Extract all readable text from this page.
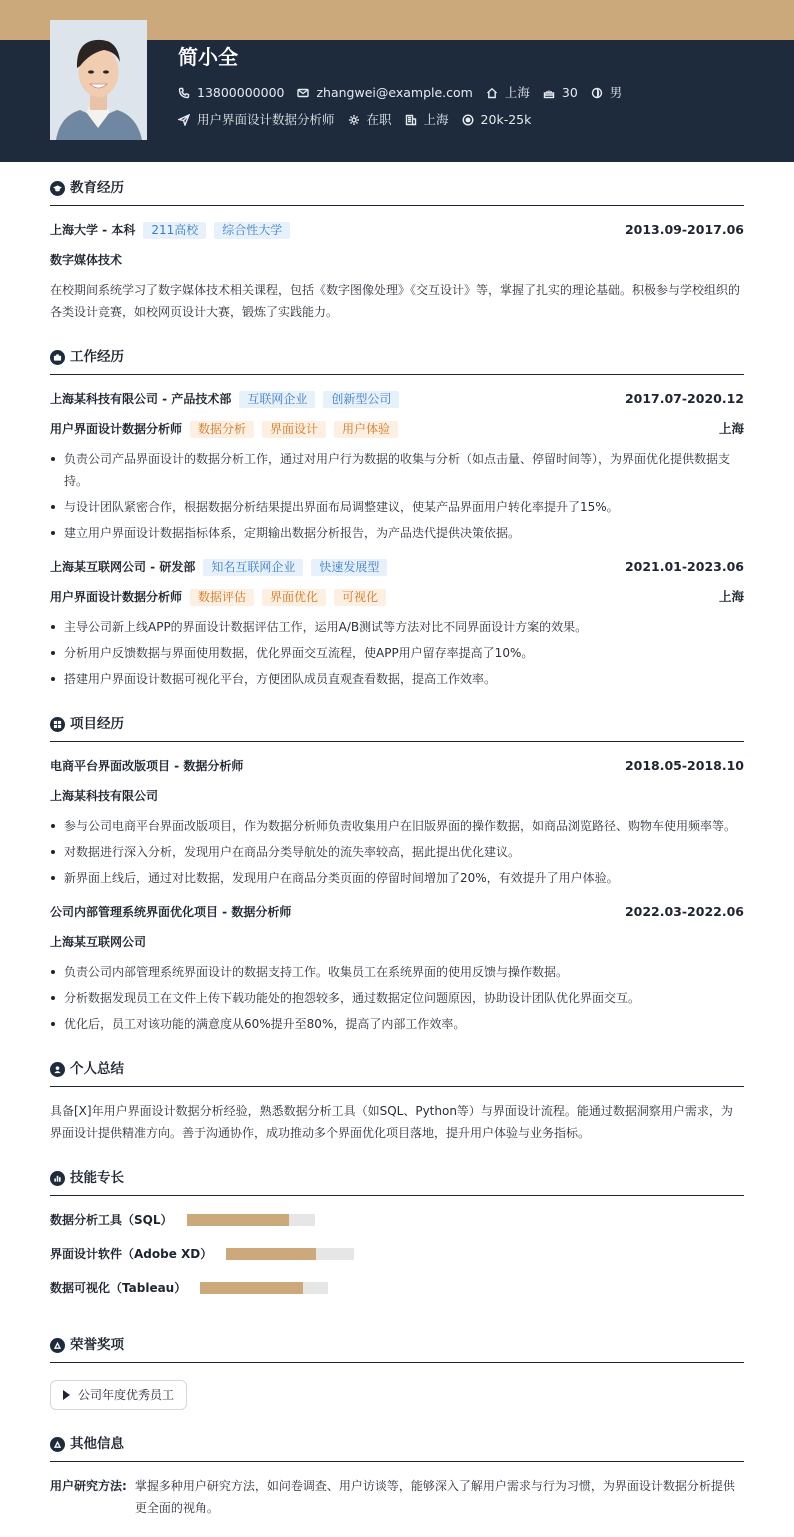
简小全
13800000000	zhangwei@example.com	上海	30	男
用户界面设计数据分析师	在职	上海	20k-25k
教育经历
上海大学 - 本科	211高校	综合性大学	2013.09-2017.06
数字媒体技术

在校期间系统学习了数字媒体技术相关课程，包括《数字图像处理》《交互设计》等，掌握了扎实的理论基础。积极参与学校组织的各类设计竞赛，如校网页设计大赛，锻炼了实践能力。

工作经历
上海某科技有限公司 - 产品技术部	互联网企业	创新型公司	2017.07-2020.12
用户界面设计数据分析师	数据分析	界面设计	用户体验	上海
负责公司产品界面设计的数据分析工作，通过对用户行为数据的收集与分析（如点击量、停留时间等），为界面优化提供数据支持。
与设计团队紧密合作，根据数据分析结果提出界面布局调整建议，使某产品界面用户转化率提升了15%。
建立用户界面设计数据指标体系，定期输出数据分析报告，为产品迭代提供决策依据。
上海某互联网公司 - 研发部	知名互联网企业	快速发展型	2021.01-2023.06
用户界面设计数据分析师	数据评估	界面优化	可视化	上海
主导公司新上线APP的界面设计数据评估工作，运用A/B测试等方法对比不同界面设计方案的效果。
分析用户反馈数据与界面使用数据，优化界面交互流程，使APP用户留存率提高了10%。
搭建用户界面设计数据可视化平台，方便团队成员直观查看数据，提高工作效率。
项目经历
电商平台界面改版项目 - 数据分析师	2018.05-2018.10
上海某科技有限公司
参与公司电商平台界面改版项目，作为数据分析师负责收集用户在旧版界面的操作数据，如商品浏览路径、购物车使用频率等。
对数据进行深入分析，发现用户在商品分类导航处的流失率较高，据此提出优化建议。
新界面上线后，通过对比数据，发现用户在商品分类页面的停留时间增加了20%，有效提升了用户体验。
公司内部管理系统界面优化项目 - 数据分析师	2022.03-2022.06
上海某互联网公司
负责公司内部管理系统界面设计的数据支持工作。收集员工在系统界面的使用反馈与操作数据。
分析数据发现员工在文件上传下载功能处的抱怨较多，通过数据定位问题原因，协助设计团队优化界面交互。
优化后，员工对该功能的满意度从60%提升至80%，提高了内部工作效率。
个人总结

具备[X]年用户界面设计数据分析经验，熟悉数据分析工具（如SQL、Python等）与界面设计流程。能通过数据洞察用户需求，为界面设计提供精准方向。善于沟通协作，成功推动多个界面优化项目落地，提升用户体验与业务指标。

技能专长
数据分析工具（SQL）
界面设计软件（Adobe XD）
数据可视化（Tableau）
荣誉奖项
公司年度优秀员工
其他信息
用户研究方法: 掌握多种用户研究方法，如问卷调查、用户访谈等，能够深入了解用户需求与行为习惯，为界面设计数据分析提供更全面的视角。
